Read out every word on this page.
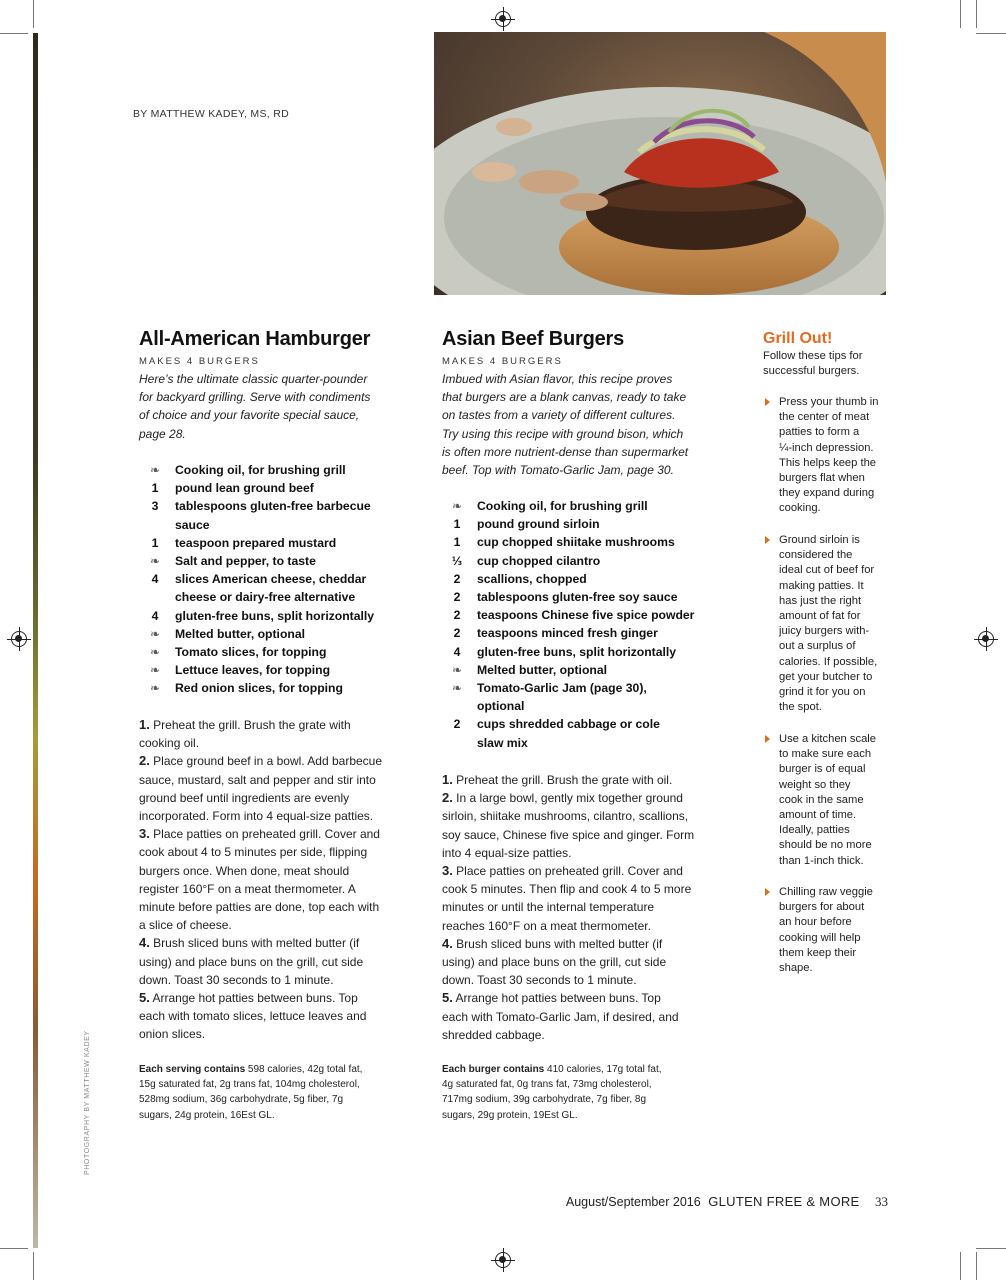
BY MATTHEW KADEY, MS, RD
All-American Hamburger
MAKES 4 BURGERS
Here’s the ultimate classic quarter-pounder
for backyard grilling. Serve with condiments
of choice and your favorite special sauce,
page 28.
❧	Cooking oil, for brushing grill
1	pound lean ground beef
3	tablespoons gluten-free barbecue
sauce
1	teaspoon prepared mustard
❧	Salt and pepper, to taste
4	slices American cheese, cheddar
cheese or dairy-free alternative
4	gluten-free buns, split horizontally
❧	Melted butter, optional
❧	Tomato slices, for topping
❧	Lettuce leaves, for topping
❧	Red onion slices, for topping

1. Preheat the grill. Brush the grate with

cooking oil.

2. Place ground beef in a bowl. Add barbecue

sauce, mustard, salt and pepper and stir into

ground beef until ingredients are evenly

incorporated. Form into 4 equal-size patties.

3. Place patties on preheated grill. Cover and

cook about 4 to 5 minutes per side, flipping

burgers once. When done, meat should

register 160°F on a meat thermometer. A

minute before patties are done, top each with

a slice of cheese.

4. Brush sliced buns with melted butter (if

using) and place buns on the grill, cut side

down. Toast 30 seconds to 1 minute.

5. Arrange hot patties between buns. Top

each with tomato slices, lettuce leaves and

onion slices.

Each serving contains 598 calories, 42g total fat,
15g saturated fat, 2g trans fat, 104mg cholesterol,
528mg sodium, 36g carbohydrate, 5g fiber, 7g
sugars, 24g protein, 16Est GL.
Asian Beef Burgers
MAKES 4 BURGERS
Imbued with Asian flavor, this recipe proves
that burgers are a blank canvas, ready to take
on tastes from a variety of different cultures.
Try using this recipe with ground bison, which
is often more nutrient-dense than supermarket
beef. Top with Tomato-Garlic Jam, page 30.
❧	Cooking oil, for brushing grill
1	pound ground sirloin
1	cup chopped shiitake mushrooms
⅓	cup chopped cilantro
2	scallions, chopped
2	tablespoons gluten-free soy sauce
2	teaspoons Chinese five spice powder
2	teaspoons minced fresh ginger
4	gluten-free buns, split horizontally
❧	Melted butter, optional
❧	Tomato-Garlic Jam (page 30),
optional
2	cups shredded cabbage or cole
slaw mix

1. Preheat the grill. Brush the grate with oil.

2. In a large bowl, gently mix together ground

sirloin, shiitake mushrooms, cilantro, scallions,

soy sauce, Chinese five spice and ginger. Form

into 4 equal-size patties.

3. Place patties on preheated grill. Cover and

cook 5 minutes. Then flip and cook 4 to 5 more

minutes or until the internal temperature

reaches 160°F on a meat thermometer.

4. Brush sliced buns with melted butter (if

using) and place buns on the grill, cut side

down. Toast 30 seconds to 1 minute.

5. Arrange hot patties between buns. Top

each with Tomato-Garlic Jam, if desired, and

shredded cabbage.

Each burger contains 410 calories, 17g total fat,
4g saturated fat, 0g trans fat, 73mg cholesterol,
717mg sodium, 39g carbohydrate, 7g fiber, 8g
sugars, 29g protein, 19Est GL.
Grill Out!
Follow these tips for successful burgers.
Press your thumb in
the center of meat
patties to form a
¼-inch depression.
This helps keep the
burgers flat when
they expand during
cooking.
Ground sirloin is
considered the
ideal cut of beef for
making patties. It
has just the right
amount of fat for
juicy burgers with-
out a surplus of
calories. If possible,
get your butcher to
grind it for you on
the spot.
Use a kitchen scale
to make sure each
burger is of equal
weight so they
cook in the same
amount of time.
Ideally, patties
should be no more
than 1-inch thick.
Chilling raw veggie
burgers for about
an hour before
cooking will help
them keep their
shape.
PHOTOGRAPHY BY MATTHEW KADEY
August/September 2016 GLUTEN FREE & MORE 33
